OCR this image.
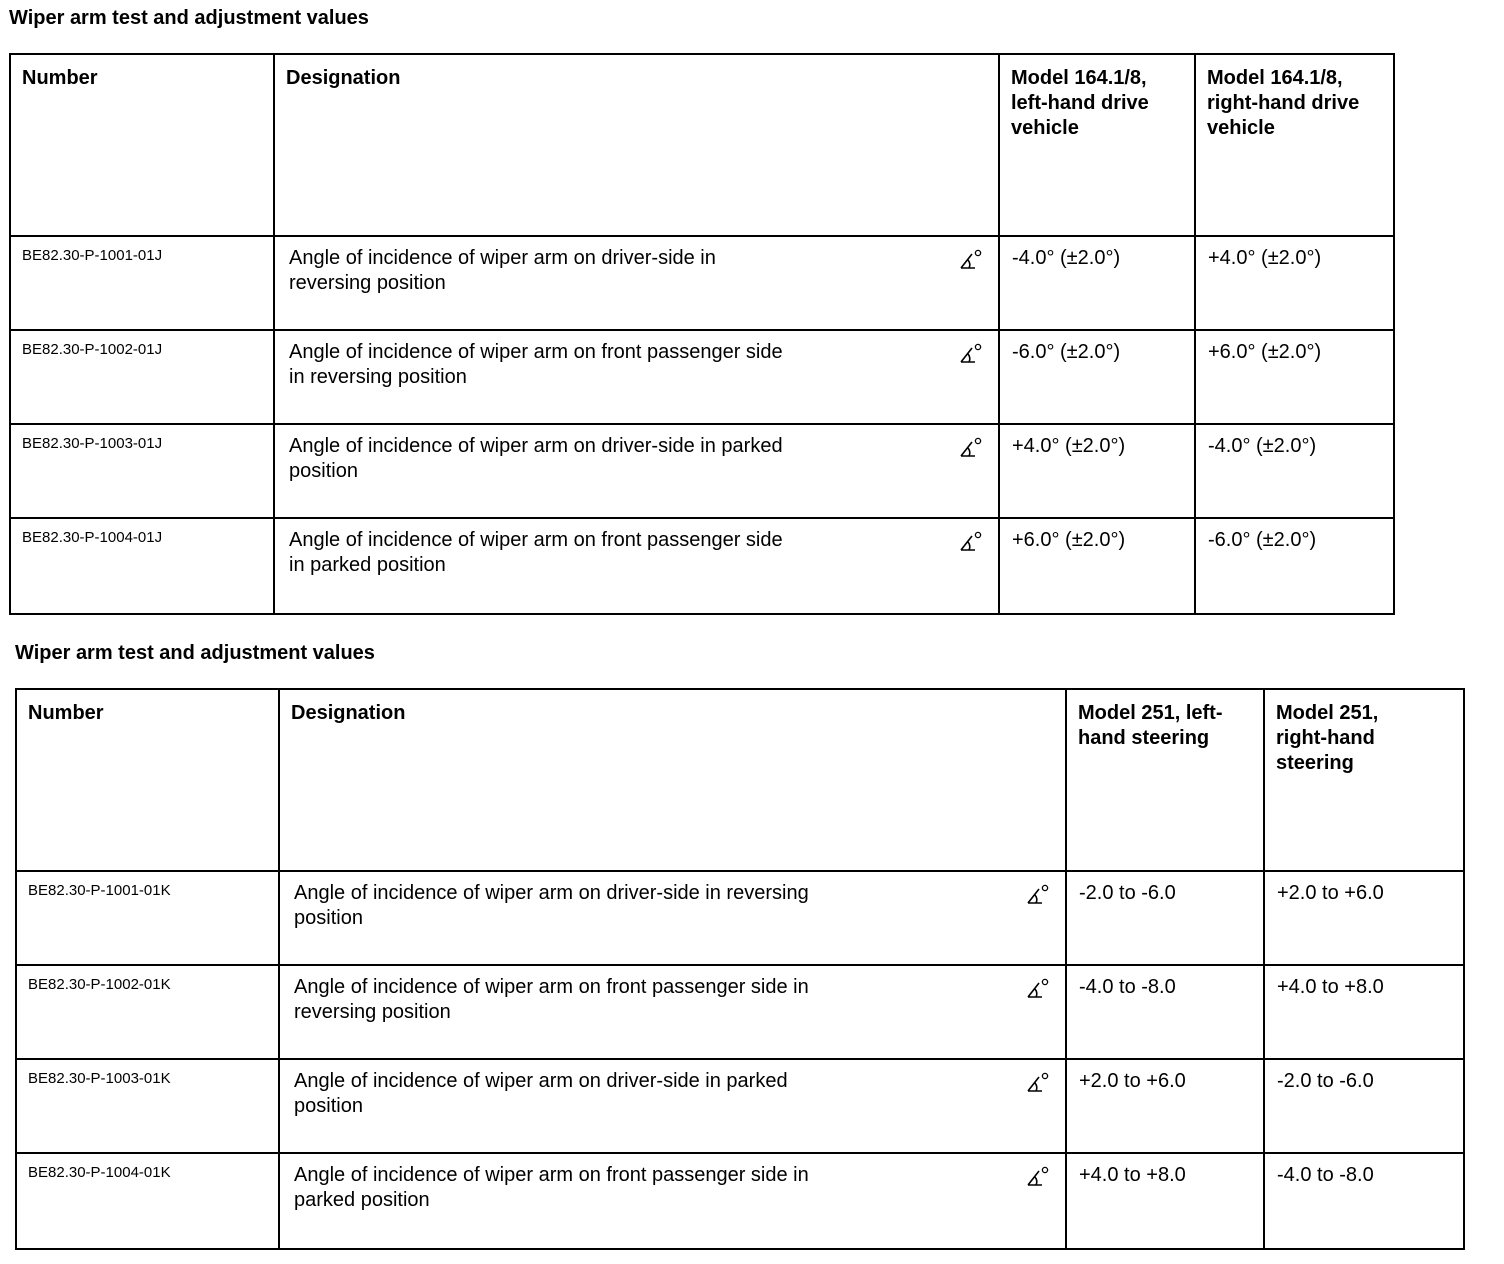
Wiper arm test and adjustment values
Number	Designation	Model 164.1/8,
left-hand drive
vehicle	Model 164.1/8,
right-hand drive
vehicle
BE82.30-P-1001-01J	Angle of incidence of wiper arm on driver-side in
reversing position	-4.0° (±2.0°)	+4.0° (±2.0°)
BE82.30-P-1002-01J	Angle of incidence of wiper arm on front passenger side
in reversing position	-6.0° (±2.0°)	+6.0° (±2.0°)
BE82.30-P-1003-01J	Angle of incidence of wiper arm on driver-side in parked
position	+4.0° (±2.0°)	-4.0° (±2.0°)
BE82.30-P-1004-01J	Angle of incidence of wiper arm on front passenger side
in parked position	+6.0° (±2.0°)	-6.0° (±2.0°)
Wiper arm test and adjustment values
Number	Designation	Model 251, left-
hand steering	Model 251,
right-hand
steering
BE82.30-P-1001-01K	Angle of incidence of wiper arm on driver-side in reversing
position	-2.0 to -6.0	+2.0 to +6.0
BE82.30-P-1002-01K	Angle of incidence of wiper arm on front passenger side in
reversing position	-4.0 to -8.0	+4.0 to +8.0
BE82.30-P-1003-01K	Angle of incidence of wiper arm on driver-side in parked
position	+2.0 to +6.0	-2.0 to -6.0
BE82.30-P-1004-01K	Angle of incidence of wiper arm on front passenger side in
parked position	+4.0 to +8.0	-4.0 to -8.0
